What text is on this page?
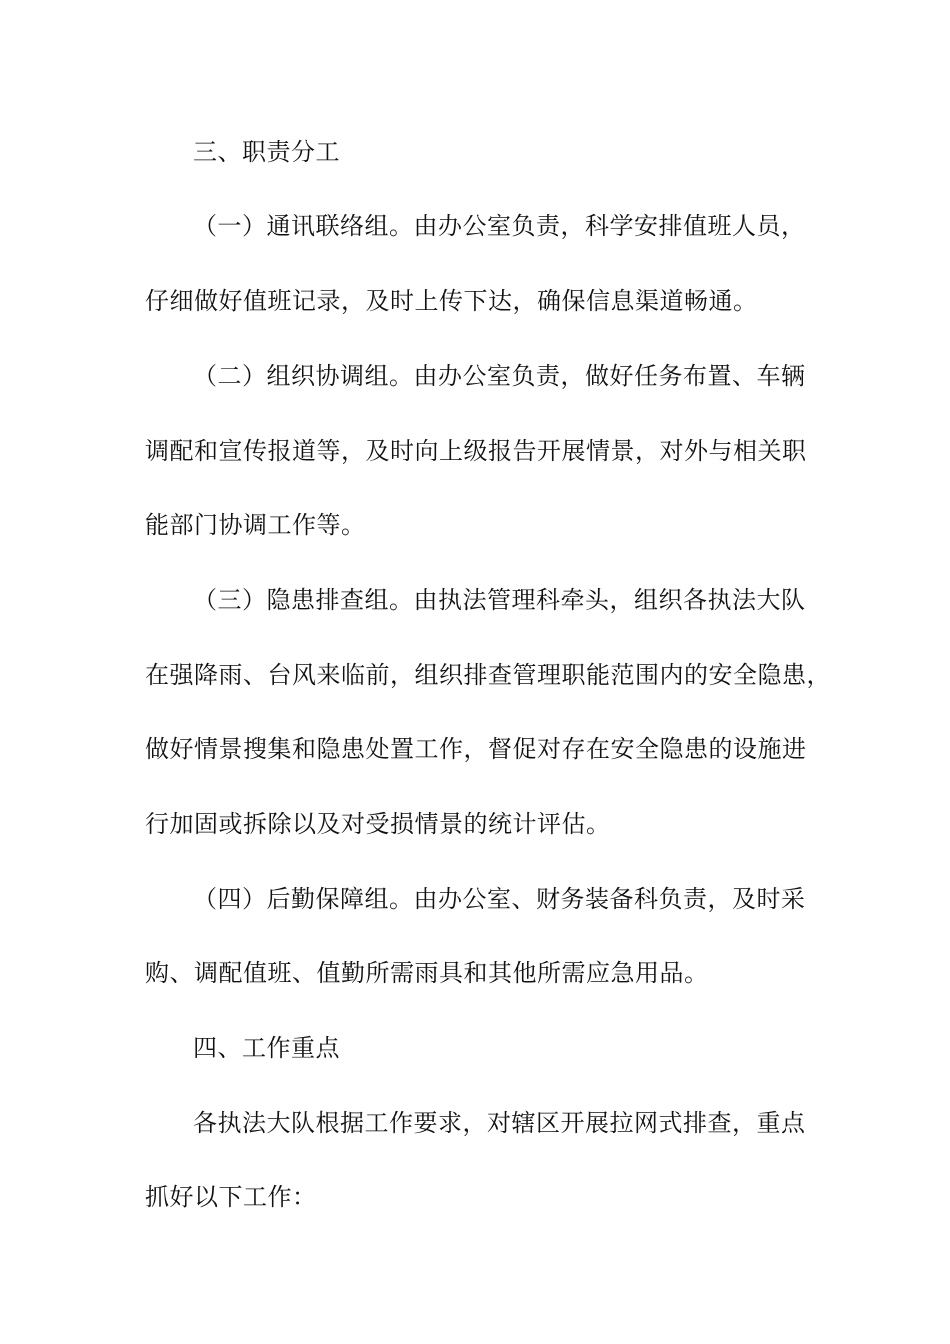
三、职责分工
（一）通讯联络组。由办公室负责，科学安排值班人员，
仔细做好值班记录，及时上传下达，确保信息渠道畅通。
（二）组织协调组。由办公室负责，做好任务布置、车辆
调配和宣传报道等，及时向上级报告开展情景，对外与相关职
能部门协调工作等。
（三）隐患排查组。由执法管理科牵头，组织各执法大队
在强降雨、台风来临前，组织排查管理职能范围内的安全隐患，
做好情景搜集和隐患处置工作，督促对存在安全隐患的设施进
行加固或拆除以及对受损情景的统计评估。
（四）后勤保障组。由办公室、财务装备科负责，及时采
购、调配值班、值勤所需雨具和其他所需应急用品。
四、工作重点
各执法大队根据工作要求，对辖区开展拉网式排查，重点
抓好以下工作：
